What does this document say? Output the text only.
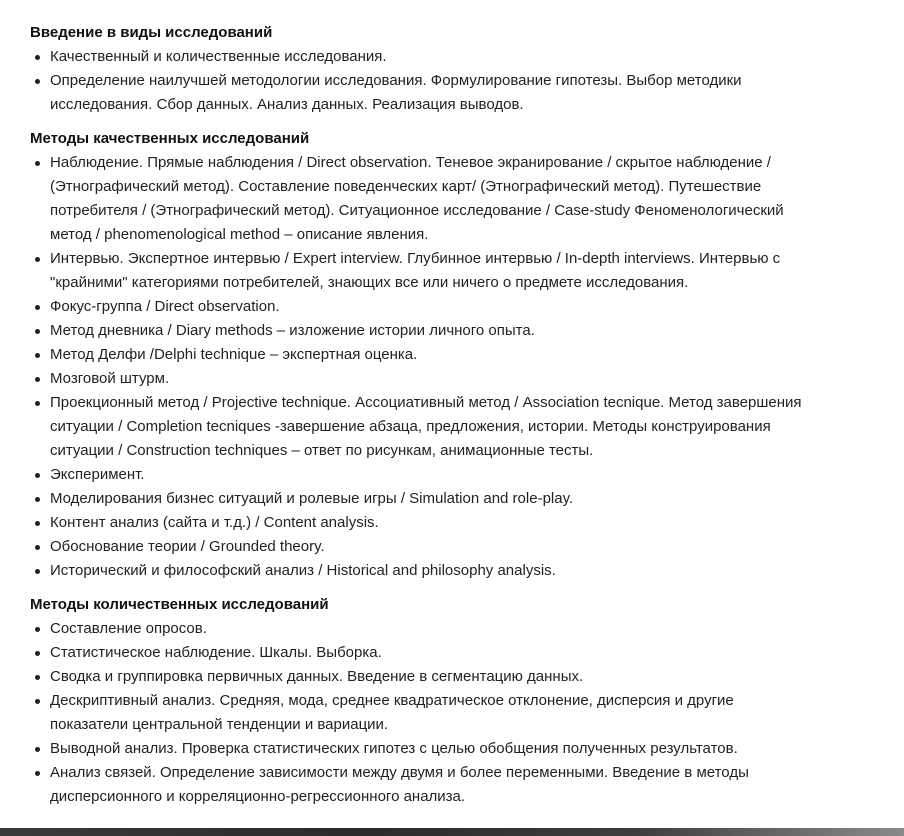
Введение в виды исследований
Качественный и количественные исследования.
Определение наилучшей методологии исследования. Формулирование гипотезы. Выбор методики исследования. Сбор данных. Анализ данных. Реализация выводов.
Методы качественных исследований
Наблюдение. Прямые наблюдения / Direct observation. Теневое экранирование / скрытое наблюдение / (Этнографический метод). Составление поведенческих карт/ (Этнографический метод). Путешествие потребителя / (Этнографический метод). Ситуационное исследование / Case-study Феноменологический метод / phenomenological method – описание явления.
Интервью. Экспертное интервью / Expert interview. Глубинное интервью / In-depth interviews. Интервью с "крайними" категориями потребителей, знающих все или ничего о предмете исследования.
Фокус-группа / Direct observation.
Метод дневника / Diary methods – изложение истории личного опыта.
Метод Делфи /Delphi technique – экспертная оценка.
Мозговой штурм.
Проекционный метод / Projective technique. Ассоциативный метод / Association tecnique. Метод завершения ситуации / Completion tecniques -завершение абзаца, предложения, истории. Методы конструирования ситуации / Construction techniques – ответ по рисункам, анимационные тесты.
Эксперимент.
Моделирования бизнес ситуаций и ролевые игры / Simulation and role-play.
Контент анализ (сайта и т.д.) / Content analysis.
Обоснование теории / Grounded theory.
Исторический и философский анализ / Historical and philosophy analysis.
Методы количественных исследований
Составление опросов.
Статистическое наблюдение. Шкалы. Выборка.
Сводка и группировка первичных данных. Введение в сегментацию данных.
Дескриптивный анализ. Средняя, мода, среднее квадратическое отклонение, дисперсия и другие показатели центральной тенденции и вариации.
Выводной анализ. Проверка статистических гипотез с целью обобщения полученных результатов.
Анализ связей. Определение зависимости между двумя и более переменными. Введение в методы дисперсионного и корреляционно-регрессионного анализа.
